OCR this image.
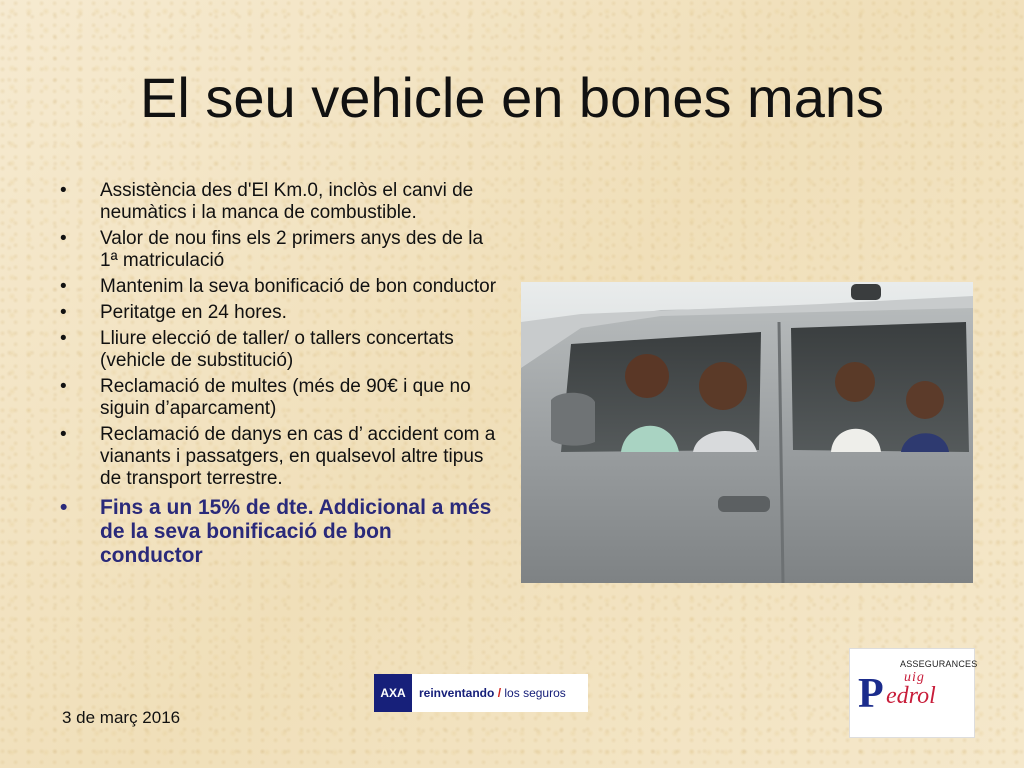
El seu vehicle en bones mans
•	Assistència des d'El Km.0, inclòs el canvi de neumàtics i la manca de combustible.
•	Valor de nou fins els 2 primers anys des de la 1ª matriculació
•	Mantenim la seva bonificació de bon conductor
•	Peritatge en 24 hores.
•	Lliure elecció de taller/ o tallers concertats (vehicle de substitució)
•	Reclamació de multes (més de 90€ i que no siguin d’aparcament)
•	Reclamació de danys en cas d’ accident com a vianants i passatgers, en qualsevol altre tipus de transport terrestre.
•	Fins a un 15% de dte. Addicional a més de la seva bonificació de bon conductor
AXA	reinventando / los seguros
ASSEGURANCES
P uig
edrol
3 de març 2016
